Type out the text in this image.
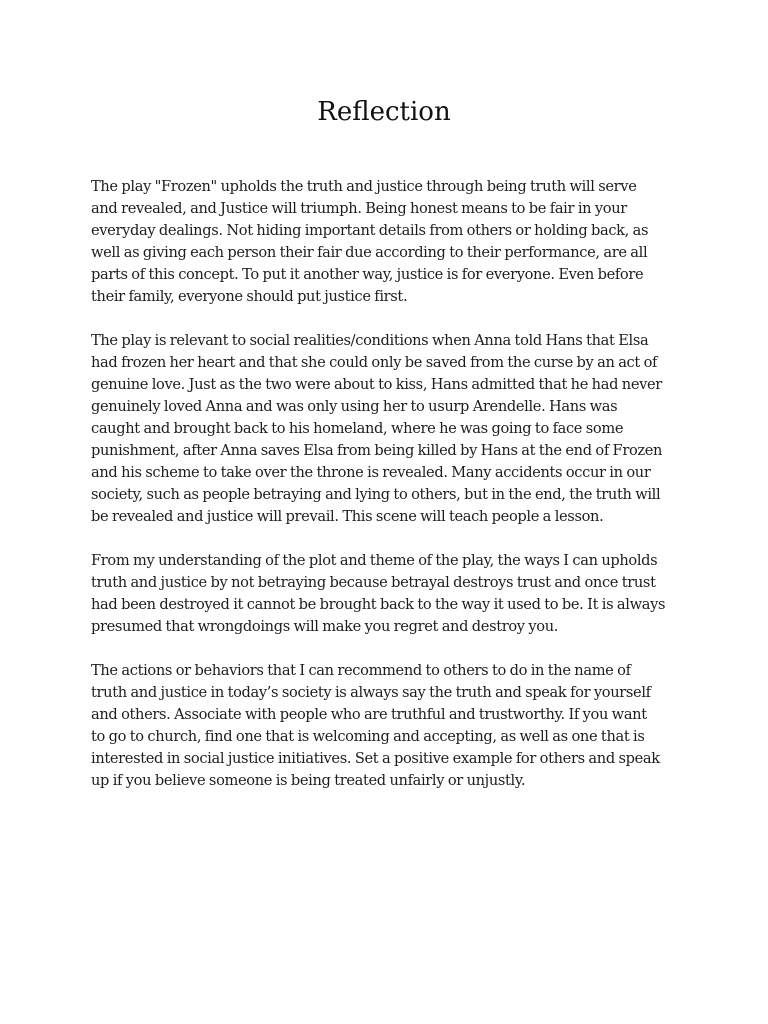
Reflection

The play "Frozen" upholds the truth and justice through being truth will serve
and revealed, and Justice will triumph. Being honest means to be fair in your
everyday dealings. Not hiding important details from others or holding back, as
well as giving each person their fair due according to their performance, are all
parts of this concept. To put it another way, justice is for everyone. Even before
their family, everyone should put justice first.

The play is relevant to social realities/conditions when Anna told Hans that Elsa
had frozen her heart and that she could only be saved from the curse by an act of
genuine love. Just as the two were about to kiss, Hans admitted that he had never
genuinely loved Anna and was only using her to usurp Arendelle. Hans was
caught and brought back to his homeland, where he was going to face some
punishment, after Anna saves Elsa from being killed by Hans at the end of Frozen
and his scheme to take over the throne is revealed. Many accidents occur in our
society, such as people betraying and lying to others, but in the end, the truth will
be revealed and justice will prevail. This scene will teach people a lesson.

From my understanding of the plot and theme of the play, the ways I can upholds
truth and justice by not betraying because betrayal destroys trust and once trust
had been destroyed it cannot be brought back to the way it used to be. It is always
presumed that wrongdoings will make you regret and destroy you.

The actions or behaviors that I can recommend to others to do in the name of
truth and justice in today’s society is always say the truth and speak for yourself
and others. Associate with people who are truthful and trustworthy. If you want
to go to church, find one that is welcoming and accepting, as well as one that is
interested in social justice initiatives. Set a positive example for others and speak
up if you believe someone is being treated unfairly or unjustly.
